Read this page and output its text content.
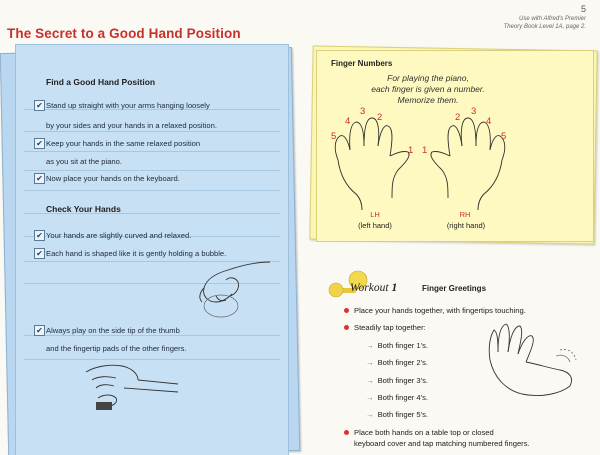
5
Use with Alfred's Premier
Theory Book Level 1A, page 2.
The Secret to a Good Hand Position
Find a Good Hand Position
✔ Stand up straight with your arms hanging loosely
by your sides and your hands in a relaxed position.
✔ Keep your hands in the same relaxed position
as you sit at the piano.
✔ Now place your hands on the keyboard.
Check Your Hands
✔ Your hands are slightly curved and relaxed.
✔ Each hand is shaped like it is gently holding a bubble.
✔ Always play on the side tip of the thumb
and the fingertip pads of the other fingers.
Finger Numbers
For playing the piano,
each finger is given a number.
Memorize them.
5
4
3
2
1 1
2
3
4
5
LH
(left hand)
RH
(right hand)
Workout 1	Finger Greetings
Place your hands together, with fingertips touching.
Steadily tap together:
→ Both finger 1's.
→ Both finger 2's.
→ Both finger 3's.
→ Both finger 4's.
→ Both finger 5's.
Place both hands on a table top or closed
keyboard cover and tap matching numbered fingers.
